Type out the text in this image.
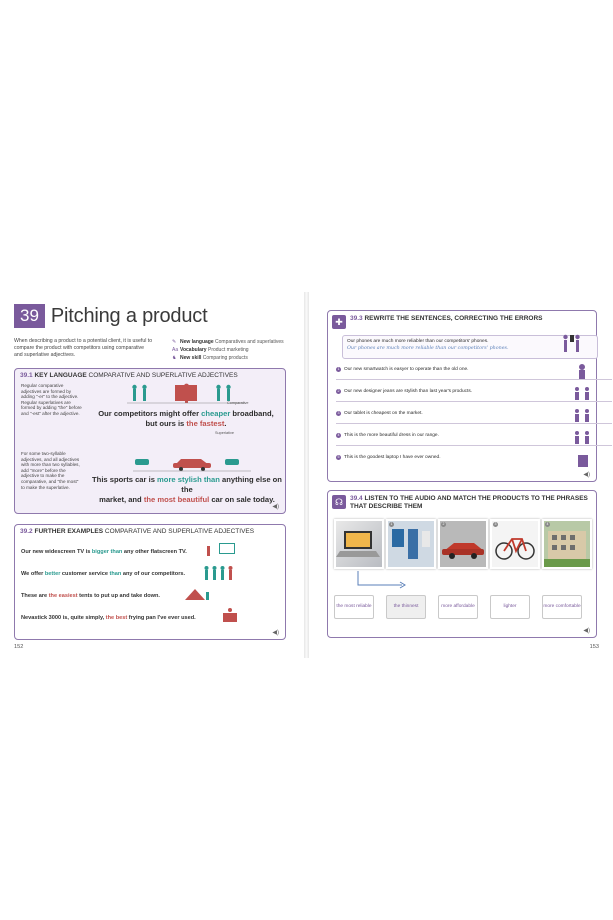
39 Pitching a product
When describing a product to a potential client, it is useful to compare the product with competitors using comparative and superlative adjectives.
✎ New language Comparatives and superlatives
Aa Vocabulary Product marketing
♞ New skill Comparing products
39.1 KEY LANGUAGE COMPARATIVE AND SUPERLATIVE ADJECTIVES
Regular comparative adjectives are formed by adding "-er" to the adjective. Regular superlatives are formed by adding "the" before and "-est" after the adjective.
For some two-syllable adjectives, and all adjectives with more than two syllables, add "more" before the adjective to make the comparative, and "the most" to make the superlative.
Comparative
Our competitors might offer cheaper broadband,
but ours is the fastest.
Superlative
This sports car is more stylish than anything else on the
market, and the most beautiful car on sale today.
◀)
39.2 FURTHER EXAMPLES COMPARATIVE AND SUPERLATIVE ADJECTIVES
Our new widescreen TV is bigger than any other flatscreen TV.
We offer better customer service than any of our competitors.
These are the easiest tents to put up and take down.
Nevastick 3000 is, quite simply, the best frying pan I've ever used.
◀)
152
✚	39.3 REWRITE THE SENTENCES, CORRECTING THE ERRORS
Our phones are much more reliabler than our competitors' phones.
Our phones are much more reliable than our competitors' phones.
1 Our new smartwatch is easyer to operate than the old one.
2 Our new designer jeans are stylish than last year's products.
3 Our tablet is cheapest on the market.
4 This is the more beautiful dress in our range.
5 This is the goodest laptop I have ever owned.
◀)
☊	39.4 LISTEN TO THE AUDIO AND MATCH THE PRODUCTS TO THE PHRASES
THAT DESCRIBE THEM
1	2	3	4
the most reliable	the thinnest	more affordable	lighter	more comfortable
◀)
153
